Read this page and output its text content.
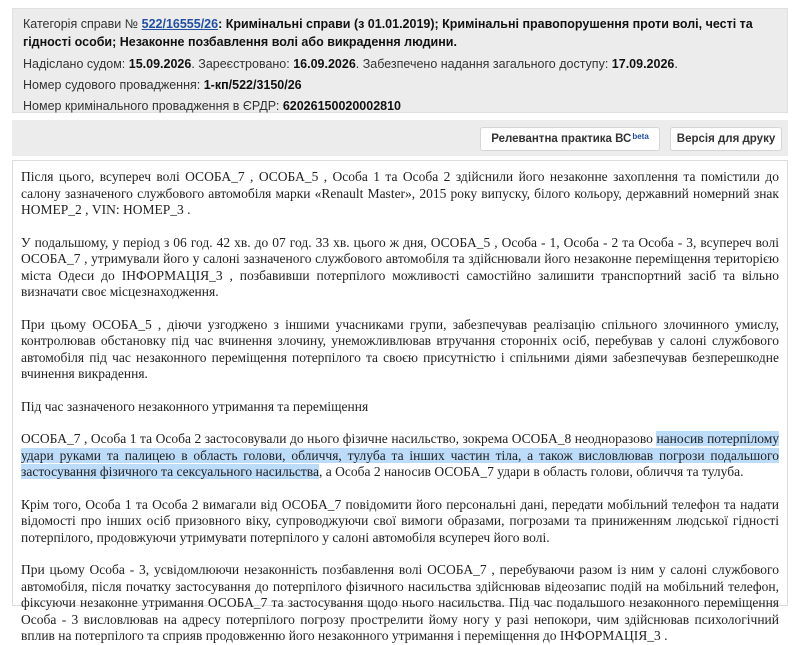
Категорія справи № 522/16555/26: Кримінальні справи (з 01.01.2019); Кримінальні правопорушення проти волі, честі та гідності особи; Незаконне позбавлення волі або викрадення людини.
Надіслано судом: 15.09.2026. Зареєстровано: 16.09.2026. Забезпечено надання загального доступу: 17.09.2026.
Номер судового провадження: 1-кп/522/3150/26
Номер кримінального провадження в ЄРДР: 62026150020002810
Релевантна практика $ВС^{beta}$ Версія для друку

Після цього, всупереч волі ОСОБА_7 , ОСОБА_5 , Особа 1 та Особа 2 здійснили його незаконне захоплення та помістили до салону зазначеного службового автомобіля марки «Renault Master», 2015 року випуску, білого кольору, державний номерний знак НОМЕР_2 , VIN: НОМЕР_3 .

У подальшому, у період з 06 год. 42 хв. до 07 год. 33 хв. цього ж дня, ОСОБА_5 , Особа - 1, Особа - 2 та Особа - 3, всупереч волі ОСОБА_7 , утримували його у салоні зазначеного службового автомобіля та здійснювали його незаконне переміщення територією міста Одеси до ІНФОРМАЦІЯ_3 , позбавивши потерпілого можливості самостійно залишити транспортний засіб та вільно визначати своє місцезнаходження.

При цьому ОСОБА_5 , діючи узгоджено з іншими учасниками групи, забезпечував реалізацію спільного злочинного умислу, контролював обстановку під час вчинення злочину, унеможливлював втручання сторонніх осіб, перебував у салоні службового автомобіля під час незаконного переміщення потерпілого та своєю присутністю і спільними діями забезпечував безперешкодне вчинення викрадення.

Під час зазначеного незаконного утримання та переміщення

ОСОБА_7 , Особа 1 та Особа 2 застосовували до нього фізичне насильство, зокрема ОСОБА_8 неодноразово наносив потерпілому удари руками та палицею в область голови, обличчя, тулуба та інших частин тіла, а також висловлював погрози подальшого застосування фізичного та сексуального насильства, а Особа 2 наносив ОСОБА_7 удари в область голови, обличчя та тулуба.

Крім того, Особа 1 та Особа 2 вимагали від ОСОБА_7 повідомити його персональні дані, передати мобільний телефон та надати відомості про інших осіб призовного віку, супроводжуючи свої вимоги образами, погрозами та приниженням людської гідності потерпілого, продовжуючи утримувати потерпілого у салоні автомобіля всупереч його волі.

При цьому Особа - 3, усвідомлюючи незаконність позбавлення волі ОСОБА_7 , перебуваючи разом із ним у салоні службового автомобіля, після початку застосування до потерпілого фізичного насильства здійснював відеозапис подій на мобільний телефон, фіксуючи незаконне утримання ОСОБА_7 та застосування щодо нього насильства. Під час подальшого незаконного переміщення Особа - 3 висловлював на адресу потерпілого погрозу прострелити йому ногу у разі непокори, чим здійснював психологічний вплив на потерпілого та сприяв продовженню його незаконного утримання і переміщення до ІНФОРМАЦІЯ_3 .
